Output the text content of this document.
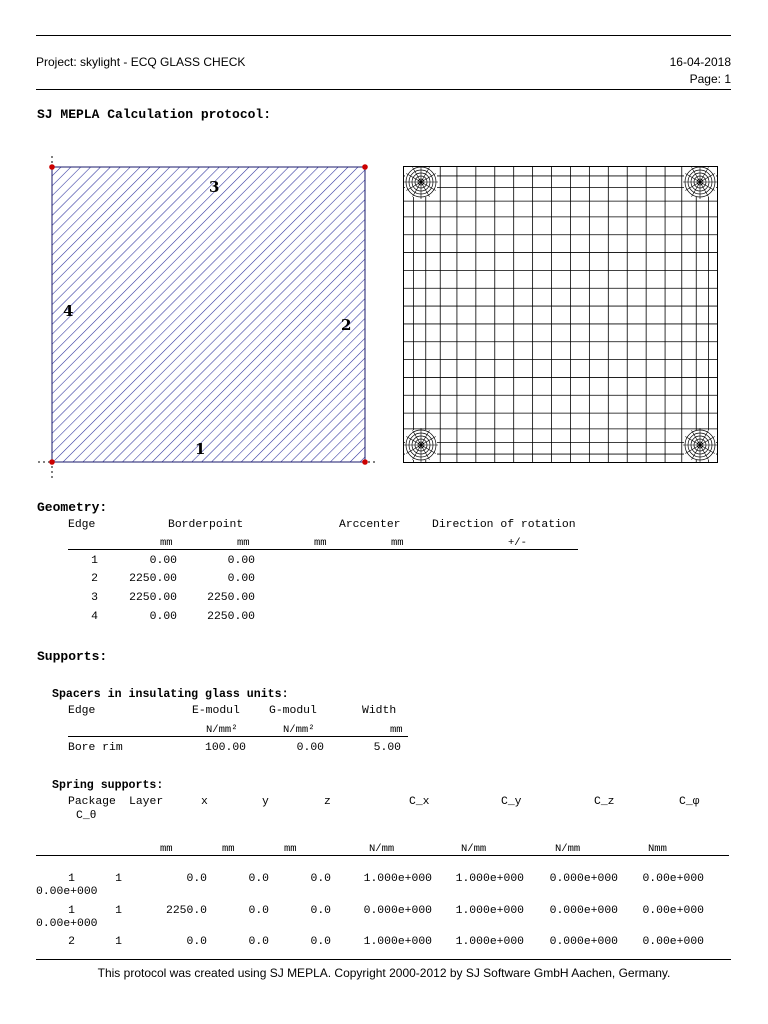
Project: skylight - ECQ GLASS CHECK	16-04-2018
Page: 1
SJ MEPLA Calculation protocol:
3
4
2
1
Geometry:
Edge	Borderpoint	Arccenter	Direction of rotation
mm	mm	mm	mm	+/-
1	0.00	0.00
2	2250.00	0.00
3	2250.00	2250.00
4	0.00	2250.00
Supports:
Spacers in insulating glass units:
Edge	E-modul	G-modul	Width
N/mm²	N/mm²	mm
Bore rim	100.00	0.00	5.00
Spring supports:
Package Layer	x	y	z	C_x	C_y	C_z	C_φ
C_θ
mm	mm	mm	N/mm	N/mm	N/mm	Nmm
1	1	0.0	0.0	0.0	1.000e+000	1.000e+000	0.000e+000	0.00e+000
0.00e+000
1	1	2250.0	0.0	0.0	0.000e+000	1.000e+000	0.000e+000	0.00e+000
0.00e+000
2	1	0.0	0.0	0.0	1.000e+000	1.000e+000	0.000e+000	0.00e+000
This protocol was created using SJ MEPLA. Copyright 2000-2012 by SJ Software GmbH Aachen, Germany.
